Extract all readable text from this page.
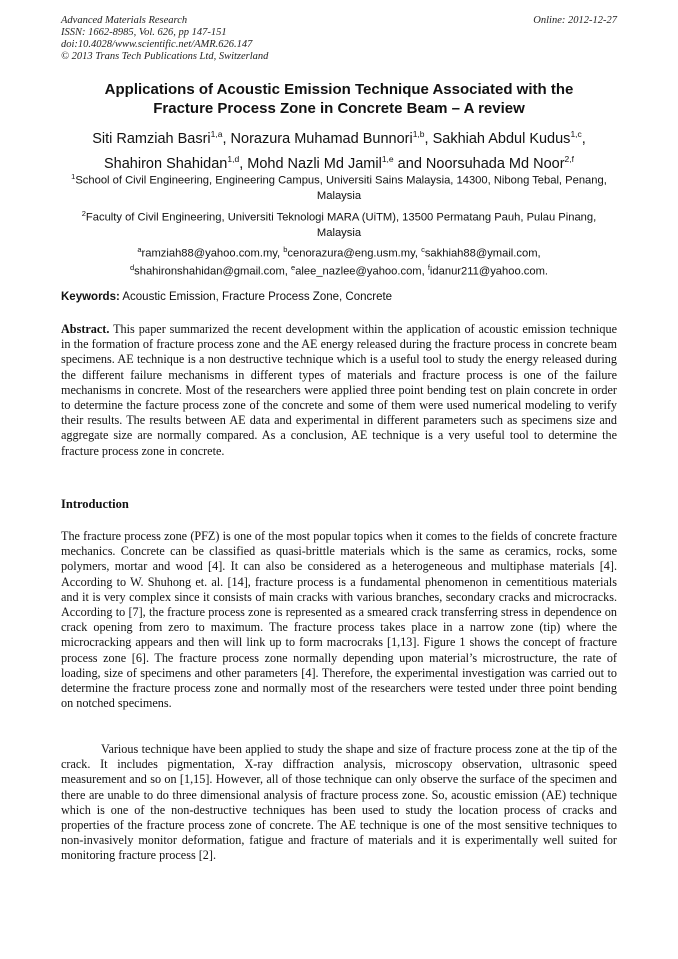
Advanced Materials Research
ISSN: 1662-8985, Vol. 626, pp 147-151
doi:10.4028/www.scientific.net/AMR.626.147
© 2013 Trans Tech Publications Ltd, Switzerland
Online: 2012-12-27
Applications of Acoustic Emission Technique Associated with the
Fracture Process Zone in Concrete Beam – A review
Siti Ramziah Basri$^{1,a}$, Norazura Muhamad Bunnori$^{1,b}$, Sakhiah Abdul Kudus$^{1,c}$,
Shahiron Shahidan$^{1,d}$, Mohd Nazli Md Jamil$^{1,e}$ and Noorsuhada Md Noor$^{2,f}$
$^1$School of Civil Engineering, Engineering Campus, Universiti Sains Malaysia, 14300, Nibong Tebal, Penang, Malaysia
$^2$Faculty of Civil Engineering, Universiti Teknologi MARA (UiTM), 13500 Permatang Pauh, Pulau Pinang, Malaysia
$^a$ramziah88@yahoo.com.my, $^b$cenorazura@eng.usm.my, $^c$sakhiah88@ymail.com,
$^d$shahironshahidan@gmail.com, $^e$alee_nazlee@yahoo.com, $^f$idanur211@yahoo.com.
Keywords: Acoustic Emission, Fracture Process Zone, Concrete
Abstract. This paper summarized the recent development within the application of acoustic emission technique in the formation of fracture process zone and the AE energy released during the fracture process in concrete beam specimens. AE technique is a non destructive technique which is a useful tool to study the energy released during the different failure mechanisms in different types of materials and fracture process is one of the failure mechanisms in concrete. Most of the researchers were applied three point bending test on plain concrete in order to determine the facture process zone of the concrete and some of them were used numerical modeling to verify their results. The results between AE data and experimental in different parameters such as specimens size and aggregate size are normally compared. As a conclusion, AE technique is a very useful tool to determine the fracture process zone in concrete.
Introduction
The fracture process zone (PFZ) is one of the most popular topics when it comes to the fields of concrete fracture mechanics. Concrete can be classified as quasi-brittle materials which is the same as ceramics, rocks, some polymers, mortar and wood [4]. It can also be considered as a heterogeneous and multiphase materials [4]. According to W. Shuhong et. al. [14], fracture process is a fundamental phenomenon in cementitious materials and it is very complex since it consists of main cracks with various branches, secondary cracks and microcracks. According to [7], the fracture process zone is represented as a smeared crack transferring stress in dependence on crack opening from zero to maximum. The fracture process takes place in a narrow zone (tip) where the microcracking appears and then will link up to form macrocraks [1,13]. Figure 1 shows the concept of fracture process zone [6]. The fracture process zone normally depending upon material’s microstructure, the rate of loading, size of specimens and other parameters [4]. Therefore, the experimental investigation was carried out to determine the fracture process zone and normally most of the researchers were tested under three point bending on notched specimens.
Various technique have been applied to study the shape and size of fracture process zone at the tip of the crack. It includes pigmentation, X-ray diffraction analysis, microscopy observation, ultrasonic speed measurement and so on [1,15]. However, all of those technique can only observe the surface of the specimen and there are unable to do three dimensional analysis of fracture process zone. So, acoustic emission (AE) technique which is one of the non-destructive techniques has been used to study the location process of cracks and properties of the fracture process zone of concrete. The AE technique is one of the most sensitive techniques to non-invasively monitor deformation, fatigue and fracture of materials and it is experimentally well suited for monitoring fracture process [2].
